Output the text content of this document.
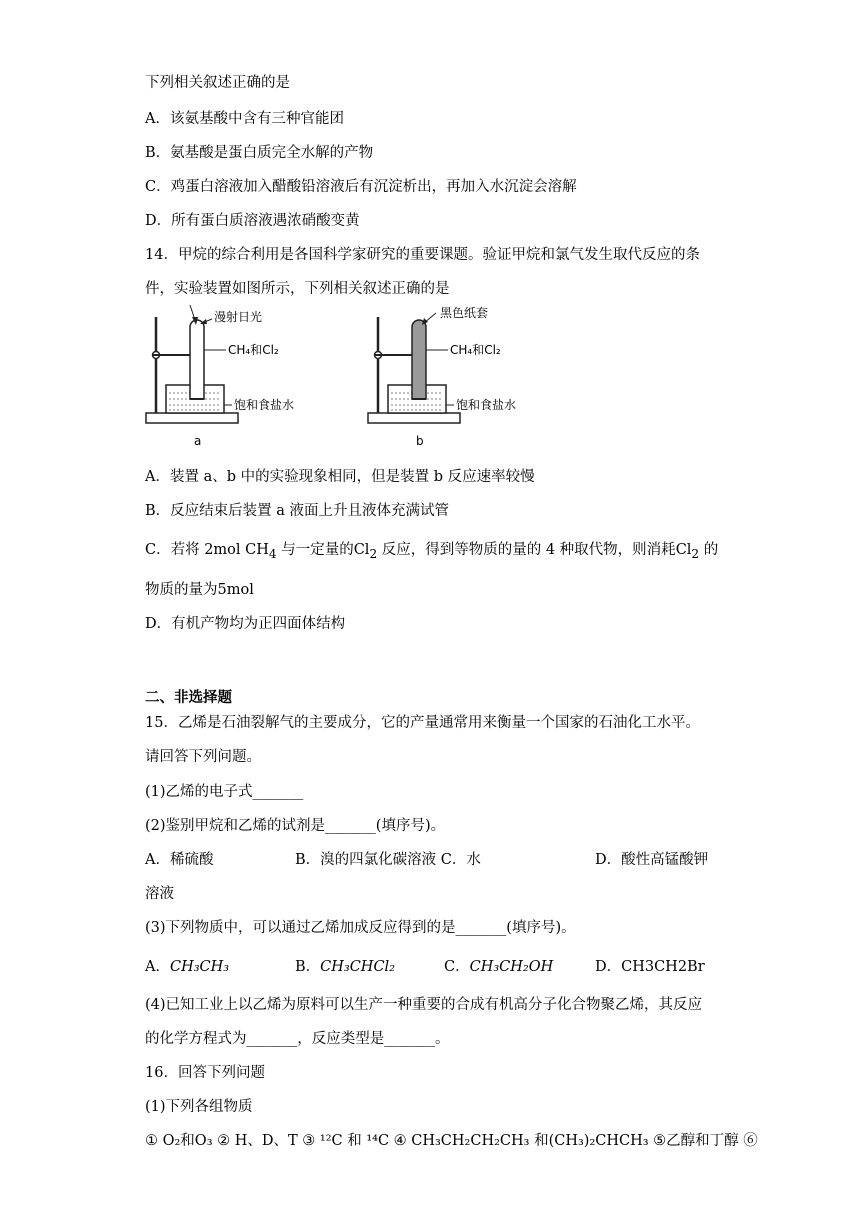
下列相关叙述正确的是
A．该氨基酸中含有三种官能团
B．氨基酸是蛋白质完全水解的产物
C．鸡蛋白溶液加入醋酸铅溶液后有沉淀析出，再加入水沉淀会溶解
D．所有蛋白质溶液遇浓硝酸变黄
14．甲烷的综合利用是各国科学家研究的重要课题。验证甲烷和氯气发生取代反应的条
件，实验装置如图所示，下列相关叙述正确的是
漫射日光
CH₄和Cl₂
饱和食盐水
a
黑色纸套
CH₄和Cl₂
饱和食盐水
b
A．装置 a、b 中的实验现象相同，但是装置 b 反应速率较慢
B．反应结束后装置 a 液面上升且液体充满试管
C．若将 2mol $CH_4$ 与一定量的$Cl_2$ 反应，得到等物质的量的 4 种取代物，则消耗$Cl_2$ 的
物质的量为5mol
D．有机产物均为正四面体结构
二、非选择题
15．乙烯是石油裂解气的主要成分，它的产量通常用来衡量一个国家的石油化工水平。
请回答下列问题。
(1)乙烯的电子式_______
(2)鉴别甲烷和乙烯的试剂是_______(填序号)。
A．稀硫酸	B．溴的四氯化碳溶液 C．水	D．酸性高锰酸钾
溶液
(3)下列物质中，可以通过乙烯加成反应得到的是_______(填序号)。
A．CH₃CH₃	B．CH₃CHCl₂	C．CH₃CH₂OH	D．CH3CH2Br
(4)已知工业上以乙烯为原料可以生产一种重要的合成有机高分子化合物聚乙烯，其反应
的化学方程式为_______，反应类型是_______。
16．回答下列问题
(1)下列各组物质
① O₂和O₃ ② H、D、T ③ ¹²C 和 ¹⁴C ④ CH₃CH₂CH₂CH₃ 和(CH₃)₂CHCH₃ ⑤乙醇和丁醇 ⑥
